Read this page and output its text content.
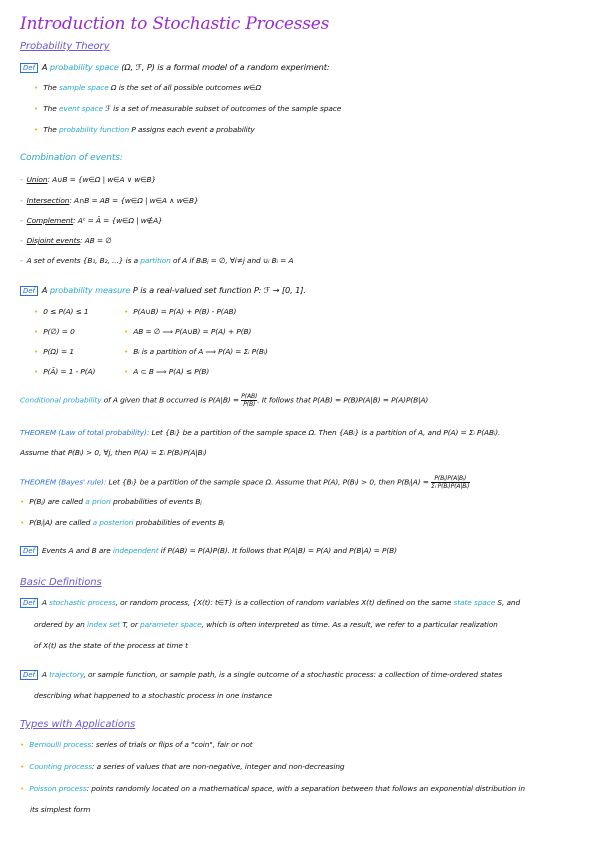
Introduction to Stochastic Processes
Probability Theory
Def A probability space (Ω, ℱ, P) is a formal model of a random experiment:
• The sample space Ω is the set of all possible outcomes w∈Ω
• The event space ℱ is a set of measurable subset of outcomes of the sample space
• The probability function P assigns each event a probability
Combination of events:
- Union: A∪B = {w∈Ω | w∈A ∨ w∈B}
- Intersection: A∩B = AB = {w∈Ω | w∈A ∧ w∈B}
- Complement: Aᶜ = Ā = {w∈Ω | w∉A}
- Disjoint events: AB = ∅
- A set of events {B₁, B₂, ...} is a partition of A if BᵢBⱼ = ∅, ∀i≠j and ∪ᵢ Bᵢ = A
Def A probability measure P is a real-valued set function P: ℱ → [0, 1].
• 0 ≤ P(A) ≤ 1
• P(∅) = 0
• P(Ω) = 1
• P(Ā) = 1 - P(A)
• P(A∪B) = P(A) + P(B) - P(AB)
• AB = ∅ ⟹ P(A∪B) = P(A) + P(B)
• Bᵢ is a partition of A ⟹ P(A) = Σᵢ P(Bᵢ)
• A ⊂ B ⟹ P(A) ≤ P(B)
Conditional probability of A given that B occurred is $P(A|B) = \frac{P(AB)}{P(B)}$ . It follows that P(AB) = P(B)P(A|B) = P(A)P(B|A)
THEOREM (Law of total probability): Let {Bᵢ} be a partition of the sample space Ω. Then {ABᵢ} is a partition of A, and P(A) = Σᵢ P(ABᵢ).
Assume that P(Bᵢ) > 0, ∀j, then P(A) = Σᵢ P(Bᵢ)P(A|Bᵢ)
THEOREM (Bayes' rule): Let {Bᵢ} be a partition of the sample space Ω. Assume that P(A), P(Bᵢ) > 0, then P(Bⱼ|A) = $\frac{\text{P(Bⱼ)P(A|Bⱼ)}}{\text{Σᵢ P(Bᵢ)P(A|Bᵢ)}}$
• P(Bⱼ) are called a priori probabilities of events Bⱼ
• P(Bⱼ|A) are called a posteriori probabilities of events Bⱼ
Def Events A and B are independent if P(AB) = P(A)P(B). It follows that P(A|B) = P(A) and P(B|A) = P(B)
Basic Definitions
Def A stochastic process, or random process, {X(t): t∈T} is a collection of random variables X(t) defined on the same state space S, and
ordered by an index set T, or parameter space, which is often interpreted as time. As a result, we refer to a particular realization
of X(t) as the state of the process at time t
Def A trajectory, or sample function, or sample path, is a single outcome of a stochastic process: a collection of time-ordered states
describing what happened to a stochastic process in one instance
Types with Applications
• Bernoulli process: series of trials or flips of a "coin", fair or not
• Counting process: a series of values that are non-negative, integer and non-decreasing
• Poisson process: points randomly located on a mathematical space, with a separation between that follows an exponential distribution in
its simplest form
